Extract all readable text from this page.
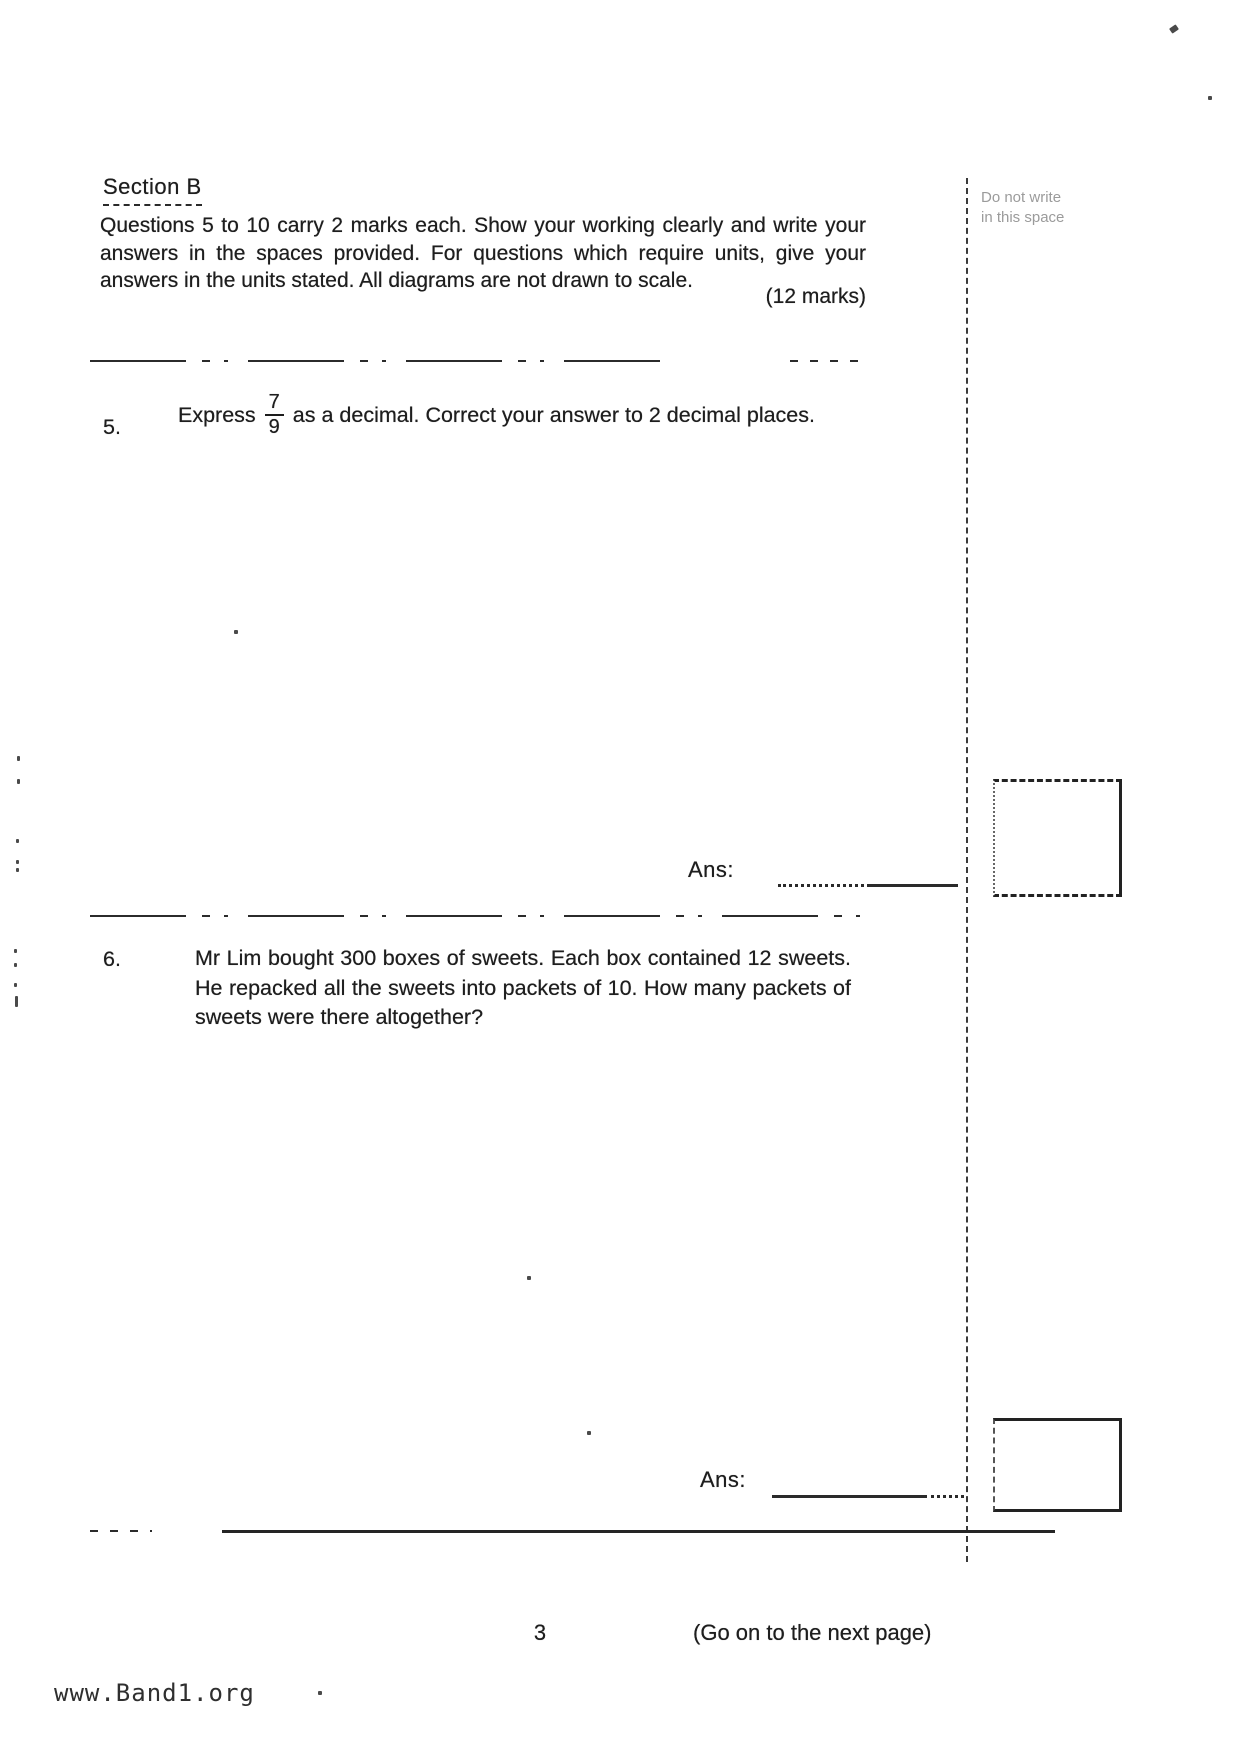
Do not write
in this space
Section B
Questions 5 to 10 carry 2 marks each. Show your working clearly and write your
answers in the spaces provided. For questions which require units, give your
answers in the units stated. All diagrams are not drawn to scale.
(12 marks)
5.
Express $\frac{7}{9}$ as a decimal. Correct your answer to 2 decimal places.
Ans:
6.	Mr Lim bought 300 boxes of sweets. Each box contained 12 sweets.
He repacked all the sweets into packets of 10. How many packets of
sweets were there altogether?
Ans:
3	(Go on to the next page)
www.Band1.org
